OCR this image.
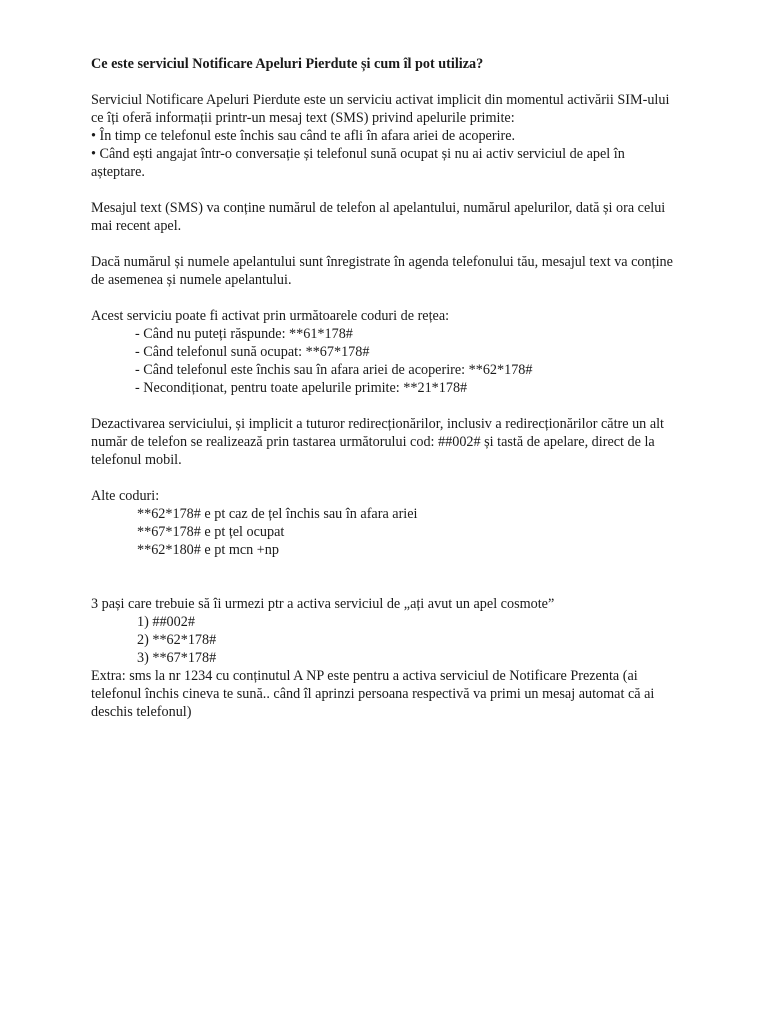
Ce este serviciul Notificare Apeluri Pierdute și cum îl pot utiliza?
Serviciul Notificare Apeluri Pierdute este un serviciu activat implicit din momentul activării SIM-ului
ce îți oferă informații printr-un mesaj text (SMS) privind apelurile primite:
• În timp ce telefonul este închis sau când te afli în afara ariei de acoperire.
• Când ești angajat într-o conversație și telefonul sună ocupat și nu ai activ serviciul de apel în
așteptare.
Mesajul text (SMS) va conține numărul de telefon al apelantului, numărul apelurilor, dată și ora celui
mai recent apel.
Dacă numărul și numele apelantului sunt înregistrate în agenda telefonului tău, mesajul text va conține
de asemenea și numele apelantului.
Acest serviciu poate fi activat prin următoarele coduri de rețea:
- Când nu puteți răspunde: **61*178#
- Când telefonul sună ocupat: **67*178#
- Când telefonul este închis sau în afara ariei de acoperire: **62*178#
- Necondiționat, pentru toate apelurile primite: **21*178#
Dezactivarea serviciului, și implicit a tuturor redirecționărilor, inclusiv a redirecționărilor către un alt
număr de telefon se realizează prin tastarea următorului cod: ##002# și tastă de apelare, direct de la
telefonul mobil.
Alte coduri:
**62*178# e pt caz de țel închis sau în afara ariei
**67*178# e pt țel ocupat
**62*180# e pt mcn +np
3 pași care trebuie să îi urmezi ptr a activa serviciul de „ați avut un apel cosmote”
1) ##002#
2) **62*178#
3) **67*178#
Extra: sms la nr 1234 cu conținutul A NP este pentru a activa serviciul de Notificare Prezenta (ai
telefonul închis cineva te sună.. când îl aprinzi persoana respectivă va primi un mesaj automat că ai
deschis telefonul)
